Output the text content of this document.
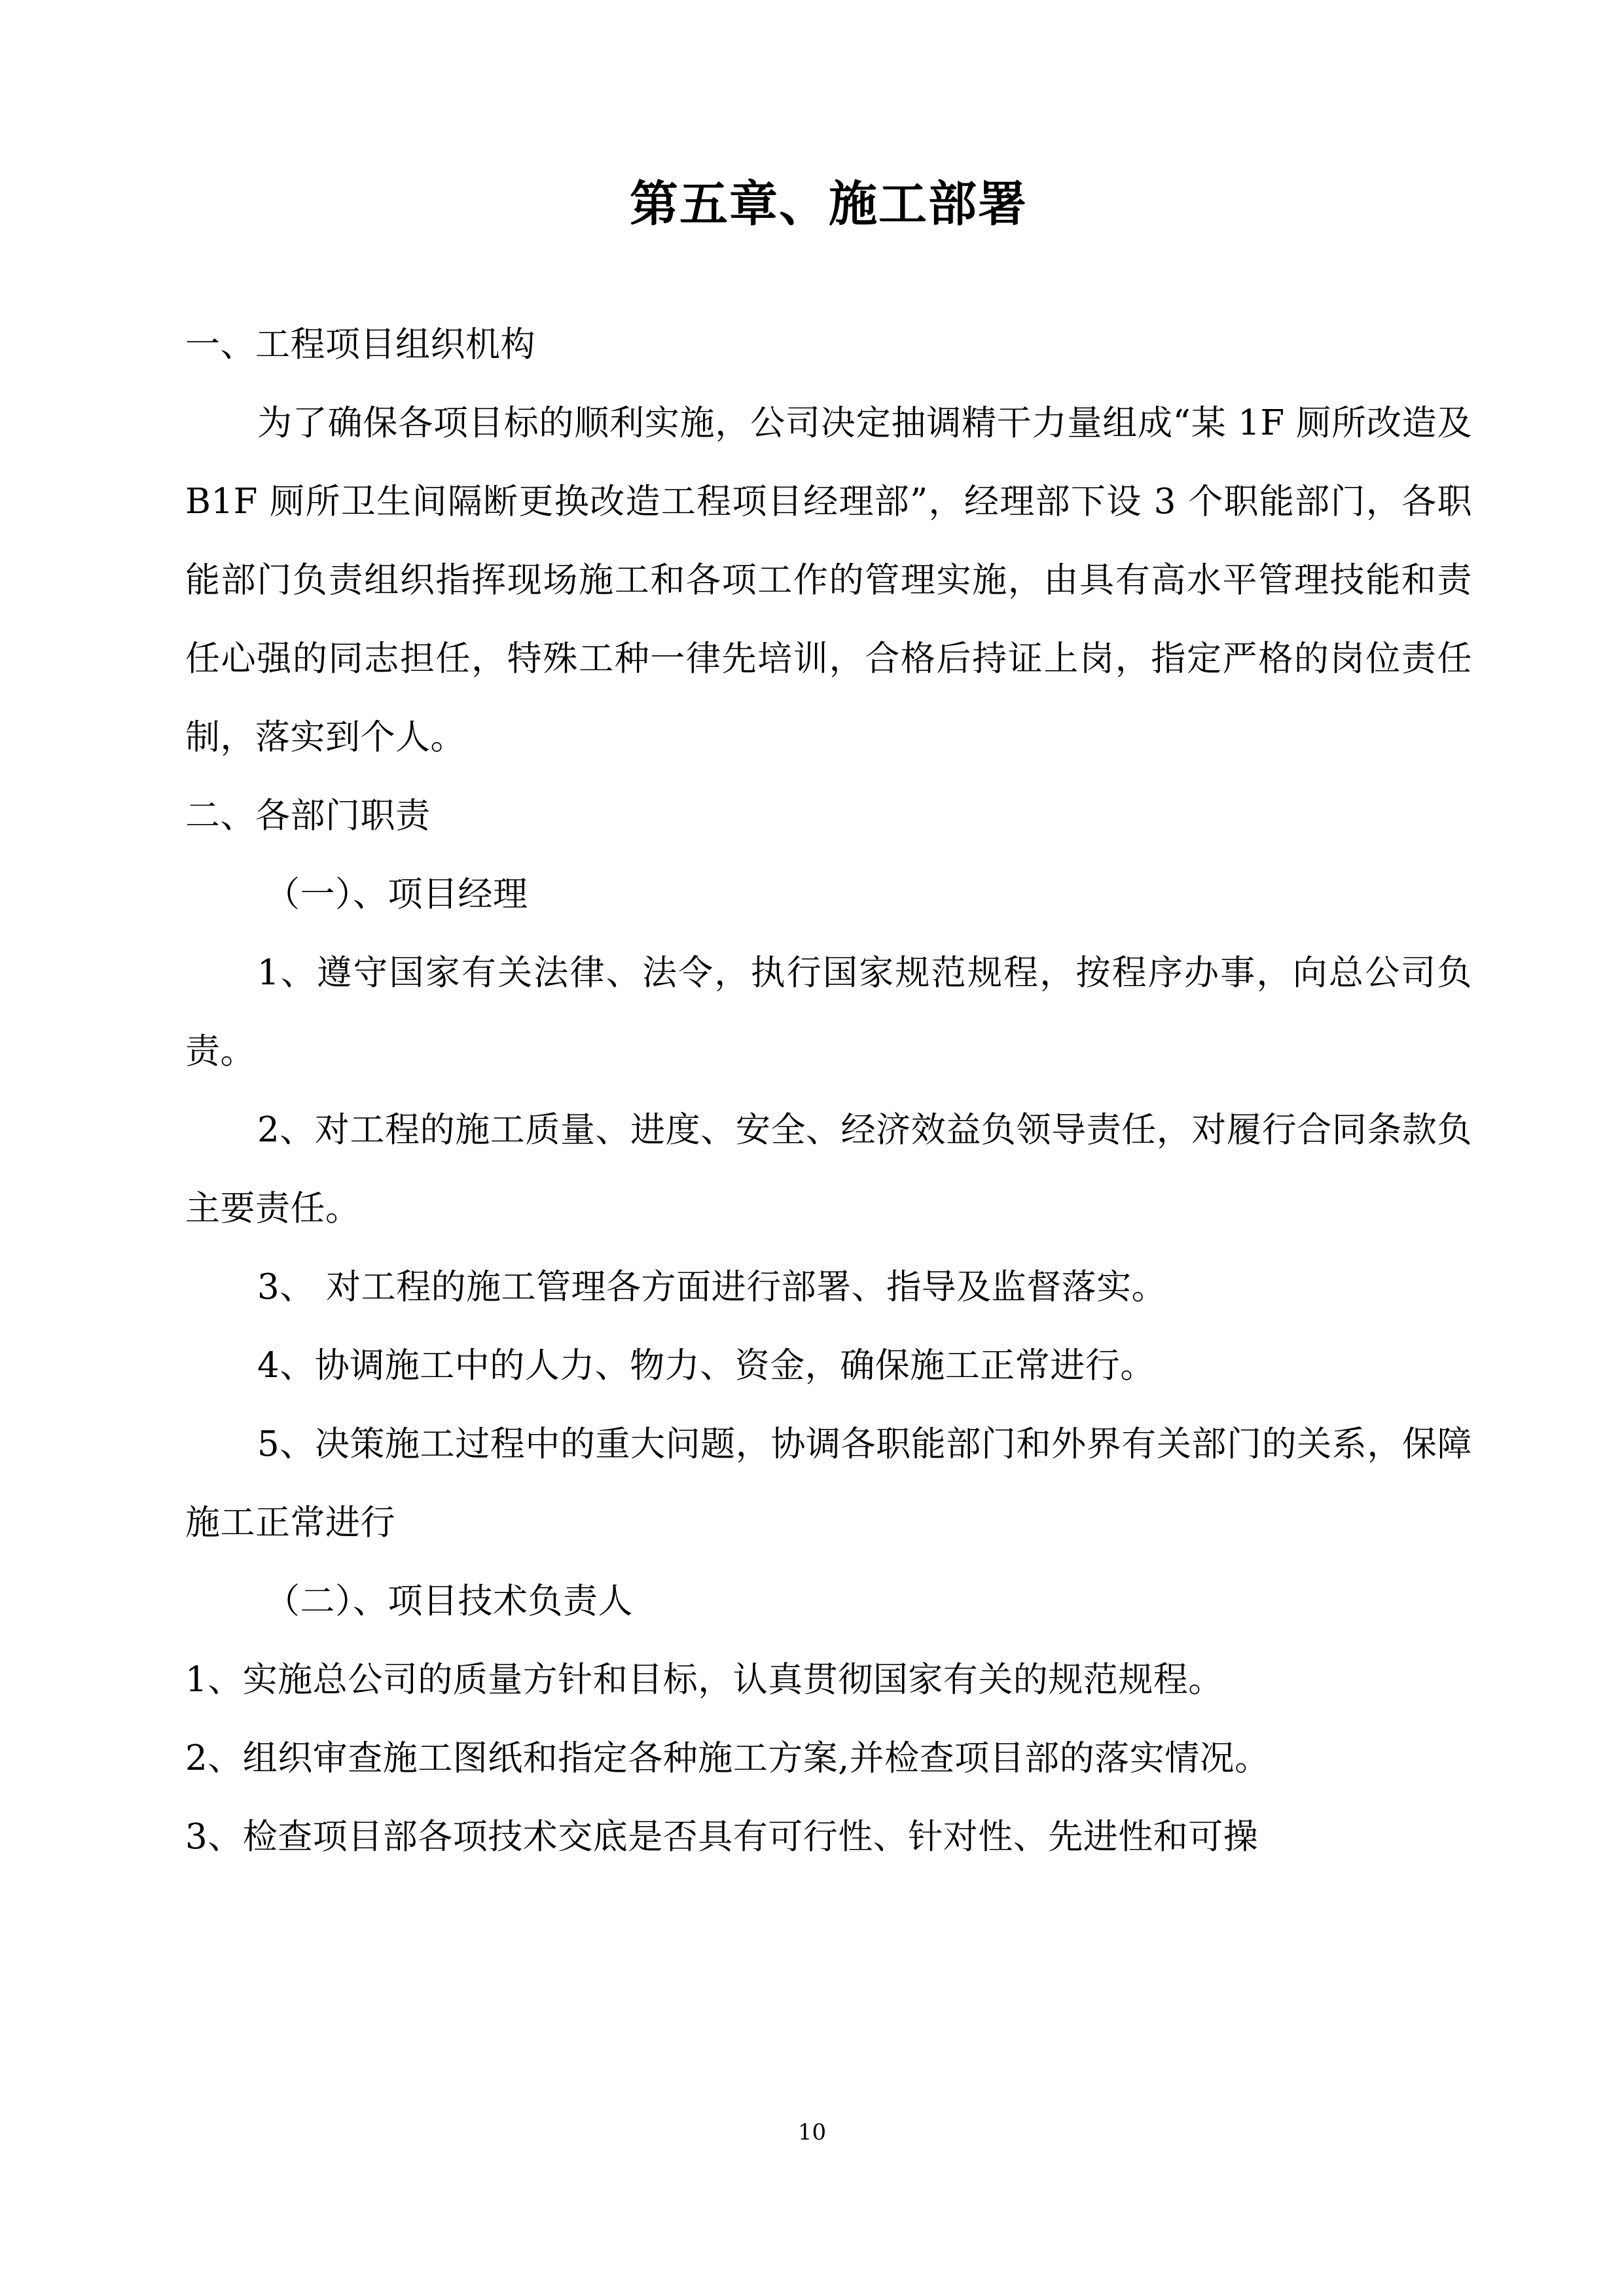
第五章、施工部署

一、工程项目组织机构

为了确保各项目标的顺利实施，公司决定抽调精干力量组成“某 1F 厕所改造及 B1F 厕所卫生间隔断更换改造工程项目经理部”，经理部下设 3 个职能部门，各职能部门负责组织指挥现场施工和各项工作的管理实施，由具有高水平管理技能和责任心强的同志担任，特殊工种一律先培训，合格后持证上岗，指定严格的岗位责任制，落实到个人。

二、各部门职责

（一）、项目经理

1、遵守国家有关法律、法令，执行国家规范规程，按程序办事，向总公司负责。

2、对工程的施工质量、进度、安全、经济效益负领导责任，对履行合同条款负主要责任。

3、 对工程的施工管理各方面进行部署、指导及监督落实。

4、协调施工中的人力、物力、资金，确保施工正常进行。

5、决策施工过程中的重大问题，协调各职能部门和外界有关部门的关系，保障施工正常进行

（二）、项目技术负责人

1、实施总公司的质量方针和目标，认真贯彻国家有关的规范规程。

2、组织审查施工图纸和指定各种施工方案,并检查项目部的落实情况。

3、检查项目部各项技术交底是否具有可行性、针对性、先进性和可操

10
